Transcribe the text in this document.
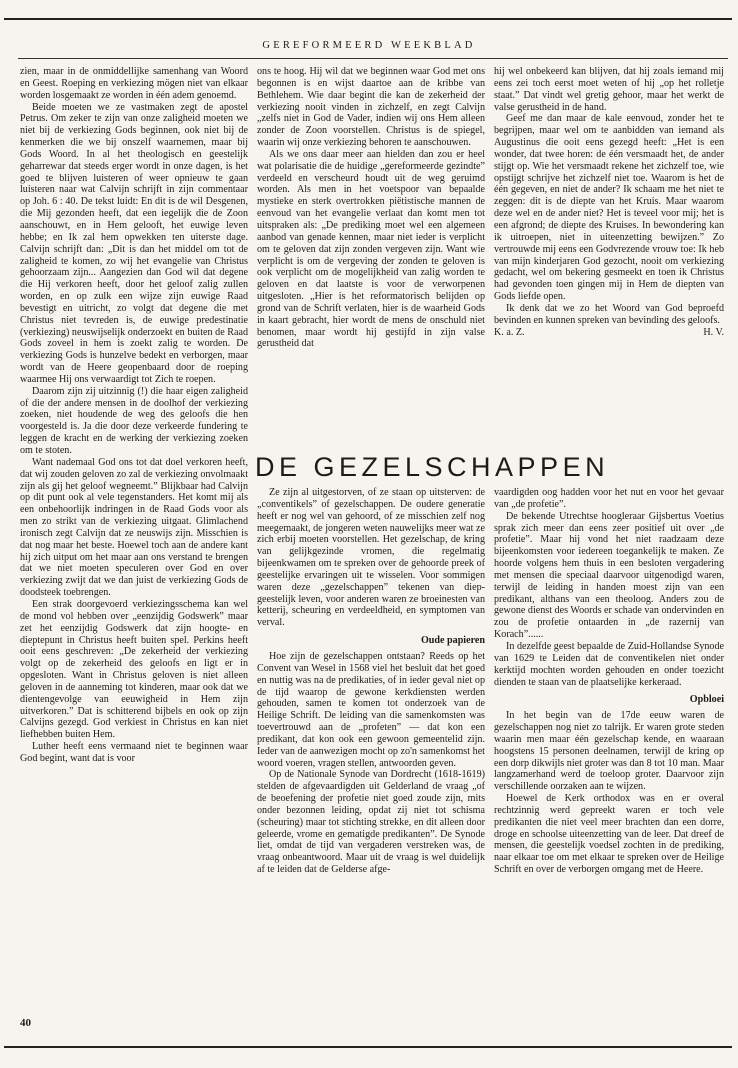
GEREFORMEERD WEEKBLAD

zien, maar in de onmiddellijke samenhang van Woord en Geest. Roeping en verkiezing mögen niet van elkaar worden losgemaakt ze worden in één adem genoemd.

Beide moeten we ze vastmaken zegt de apostel Petrus. Om zeker te zijn van onze zaligheid moeten we niet bij de verkiezing Gods beginnen, ook niet bij de kenmerken die we bij onszelf waarnemen, maar bij Gods Woord. In al het theologisch en geestelijk geharrewar dat steeds erger wordt in onze dagen, is het goed te blijven luisteren of weer opnieuw te gaan luisteren naar wat Calvijn schrijft in zijn commentaar op Joh. 6 : 40. De tekst luidt: En dit is de wil Desgenen, die Mij gezonden heeft, dat een iegelijk die de Zoon aanschouwt, en in Hem gelooft, het euwige leven hebbe; en Ik zal hem opwekken ten uiterste dage. Calvijn schrijft dan: „Dit is dan het middel om tot de zaligheid te komen, zo wij het evangelie van Christus gehoorzaam zijn... Aangezien dan God wil dat degene die Hij verkoren heeft, door het geloof zalig zullen worden, en op zulk een wijze zijn euwige Raad bevestigt en uitricht, zo volgt dat degene die met Christus niet tevreden is, de euwige predestinatie (verkiezing) neuswijselijk onderzoekt en buiten de Raad Gods zoveel in hem is zoekt zalig te worden. De verkiezing Gods is hunzelve bedekt en verborgen, maar wordt van de Heere geopenbaard door de roeping waarmee Hij ons verwaardigt tot Zich te roepen.

Daarom zijn zij uitzinnig (!) die haar eigen zaligheid of die der andere mensen in de doolhof der verkiezing zoeken, niet houdende de weg des geloofs die hen voorgesteld is. Ja die door deze verkeerde fundering te leggen de kracht en de werking der verkiezing zoeken om te stoten.

Want nademaal God ons tot dat doel verkoren heeft, dat wij zouden geloven zo zal de verkiezing onvolmaakt zijn als gij het geloof wegneemt.” Blijkbaar had Calvijn op dit punt ook al vele tegenstanders. Het komt mij als een onbehoorlijk indringen in de Raad Gods voor als men zo strikt van de verkiezing uitgaat. Glimlachend ironisch zegt Calvijn dat ze neuswijs zijn. Misschien is dat nog maar het beste. Hoewel toch aan de andere kant hij zich uitput om het maar aan ons verstand te brengen dat we niet moeten speculeren over God en over verkiezing zwijt dat we dan juist de verkiezing Gods de doodsteek toebrengen.

Een strak doorgevoerd verkiezingsschema kan wel de mond vol hebben over „eenzijdig Godswerk” maar zet het eenzijdig Godswerk dat zijn hoogte- en dieptepunt in Christus heeft buiten spel. Perkins heeft ooit eens geschreven: „De zekerheid der verkiezing volgt op de zekerheid des geloofs en ligt er in opgesloten. Want in Christus geloven is niet alleen geloven in de aanneming tot kinderen, maar ook dat we dientengevolge van eeuwigheid in Hem zijn uitverkoren.” Dat is schitterend bijbels en ook op zijn Calvijns gezegd. God verkiest in Christus en kan niet liefhebben buiten Hem.

Luther heeft eens vermaand niet te beginnen waar God begint, want dat is voor

ons te hoog. Hij wil dat we beginnen waar God met ons begonnen is en wijst daartoe aan de kribbe van Bethlehem. Wie daar begint die kan de zekerheid der verkiezing nooit vinden in zichzelf, en zegt Calvijn „zelfs niet in God de Vader, indien wij ons Hem alleen zonder de Zoon voorstellen. Christus is de spiegel, waarin wij onze verkiezing behoren te aanschouwen.

Als we ons daar meer aan hielden dan zou er heel wat polarisatie die de huidige „gereformeerde gezindte” verdeeld en verscheurd houdt uit de weg geruimd worden. Als men in het voetspoor van bepaalde mystieke en sterk overtrokken piëtistische mannen de eenvoud van het evangelie verlaat dan komt men tot uitspraken als: „De prediking moet wel een algemeen aanbod van genade kennen, maar niet ieder is verplicht om te geloven dat zijn zonden vergeven zijn. Want wie verplicht is om de vergeving der zonden te geloven is ook verplicht om de mogelijkheid van zalig worden te geloven en dat laatste is voor de verworpenen uitgesloten. „Hier is het reformatorisch belijden op grond van de Schrift verlaten, hier is de waarheid Gods in kaart gebracht, hier wordt de mens de onschuld niet benomen, maar wordt hij gestijfd in zijn valse gerustheid dat

hij wel onbekeerd kan blijven, dat hij zoals iemand mij eens zei toch eerst moet weten of hij „op het rolletje staat.” Dat vindt wel gretig gehoor, maar het werkt de valse gerustheid in de hand.

Geef me dan maar de kale eenvoud, zonder het te begrijpen, maar wel om te aanbidden van iemand als Augustinus die ooit eens gezegd heeft: „Het is een wonder, dat twee horen: de één versmaadt het, de ander stijgt op. Wie het versmaadt rekene het zichzelf toe, wie opstijgt schrijve het zichzelf niet toe. Waarom is het de één gegeven, en niet de ander? Ik schaam me het niet te zeggen: dit is de diepte van het Kruis. Maar waarom deze wel en de ander niet? Het is teveel voor mij; het is een afgrond; de diepte des Kruises. In bewondering kan ik uitroepen, niet in uiteenzetting bewijzen.” Zo vertrouwde mij eens een Godvrezende vrouw toe: Ik heb van mijn kinderjaren God gezocht, nooit om verkiezing gedacht, wel om bekering gesmeekt en toen ik Christus had gevonden toen gingen mij in Hem de diepten van Gods liefde open.

Ik denk dat we zo het Woord van God beproefd bevinden en kunnen spreken van bevinding des geloofs.

K. a. Z.	H. V.
DE GEZELSCHAPPEN

Ze zijn al uitgestorven, of ze staan op uitsterven: de „conventikels” of gezelschappen. De oudere generatie heeft er nog wel van gehoord, of ze misschien zelf nog meegemaakt, de jongeren weten nauwelijks meer wat ze zich erbij moeten voorstellen. Het gezelschap, de kring van gelijkgezinde vromen, die regelmatig bijeenkwamen om te spreken over de gehoorde preek of geestelijke ervaringen uit te wisselen. Voor sommigen waren deze „gezelschappen” tekenen van diep-geestelijk leven, voor anderen waren ze broeinesten van ketterij, scheuring en verdeeldheid, en symptomen van verval.

Oude papieren

Hoe zijn de gezelschappen ontstaan? Reeds op het Convent van Wesel in 1568 viel het besluit dat het goed en nuttig was na de predikaties, of in ieder geval niet op de tijd waarop de gewone kerkdiensten werden gehouden, samen te komen tot onderzoek van de Heilige Schrift. De leiding van die samenkomsten was toevertrouwd aan de „profeten” — dat kon een predikant, dat kon ook een gewoon gemeentelid zijn. Ieder van de aanwezigen mocht op zo'n samenkomst het woord voeren, vragen stellen, antwoorden geven.

Op de Nationale Synode van Dordrecht (1618-1619) stelden de afgevaardigden uit Gelderland de vraag „of de beoefening der profetie niet goed zoude zijn, mits onder bezonnen leiding, opdat zij niet tot schisma (scheuring) maar tot stichting strekke, en dit alleen door geleerde, vrome en gematigde predikanten”. De Synode liet, omdat de tijd van vergaderen verstreken was, de vraag onbeantwoord. Maar uit de vraag is wel duidelijk af te leiden dat de Gelderse afge-

vaardigden oog hadden voor het nut en voor het gevaar van „de profetie”.

De bekende Utrechtse hoogleraar Gijsbertus Voetius sprak zich meer dan eens zeer positief uit over „de profetie”. Maar hij vond het niet raadzaam deze bijeenkomsten voor iedereen toegankelijk te maken. Ze hoorde volgens hem thuis in een besloten vergadering met mensen die speciaal daarvoor uitgenodigd waren, terwijl de leiding in handen moest zijn van een predikant, althans van een theoloog. Anders zou de gewone dienst des Woords er schade van ondervinden en zou de profetie ontaarden in „de razernij van Korach”......

In dezelfde geest bepaalde de Zuid-Hollandse Synode van 1629 te Leiden dat de conventikelen niet onder kerktijd mochten worden gehouden en onder toezicht dienden te staan van de plaatselijke kerkeraad.

Opbloei

In het begin van de 17de eeuw waren de gezelschappen nog niet zo talrijk. Er waren grote steden waarin men maar één gezelschap kende, en waaraan hoogstens 15 personen deelnamen, terwijl de kring op een dorp dikwijls niet groter was dan 8 tot 10 man. Maar langzamerhand werd de toeloop groter. Daarvoor zijn verschillende oorzaken aan te wijzen.

Hoewel de Kerk orthodox was en er overal rechtzinnig werd gepreekt waren er toch vele predikanten die niet veel meer brachten dan een dorre, droge en schoolse uiteenzetting van de leer. Dat dreef de mensen, die geestelijk voedsel zochten in de prediking, naar elkaar toe om met elkaar te spreken over de Heilige Schrift en over de verborgen omgang met de Heere.

40
